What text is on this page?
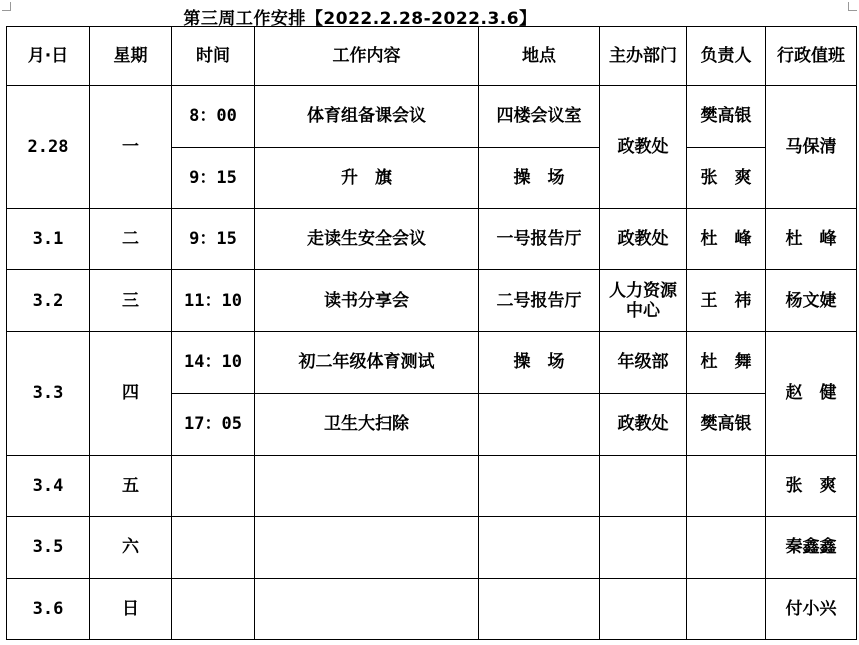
第三周工作安排【2022.2.28-2022.3.6】
月·日	星期	时间	工作内容	地点	主办部门	负责人	行政值班
2.28	一	8：00	体育组备课会议	四楼会议室	政教处	樊高银	马保清
		9：15	升　旗	操　场		张　爽	
3.1	二	9：15	走读生安全会议	一号报告厅	政教处	杜　峰	杜　峰
3.2	三	11：10	读书分享会	二号报告厅	人力资源中心	王　祎	杨文婕
3.3	四	14：10	初二年级体育测试	操　场	年级部	杜　舞	赵　健
		17：05	卫生大扫除		政教处	樊高银	
3.4	五						张　爽
3.5	六						秦鑫鑫
3.6	日						付小兴
